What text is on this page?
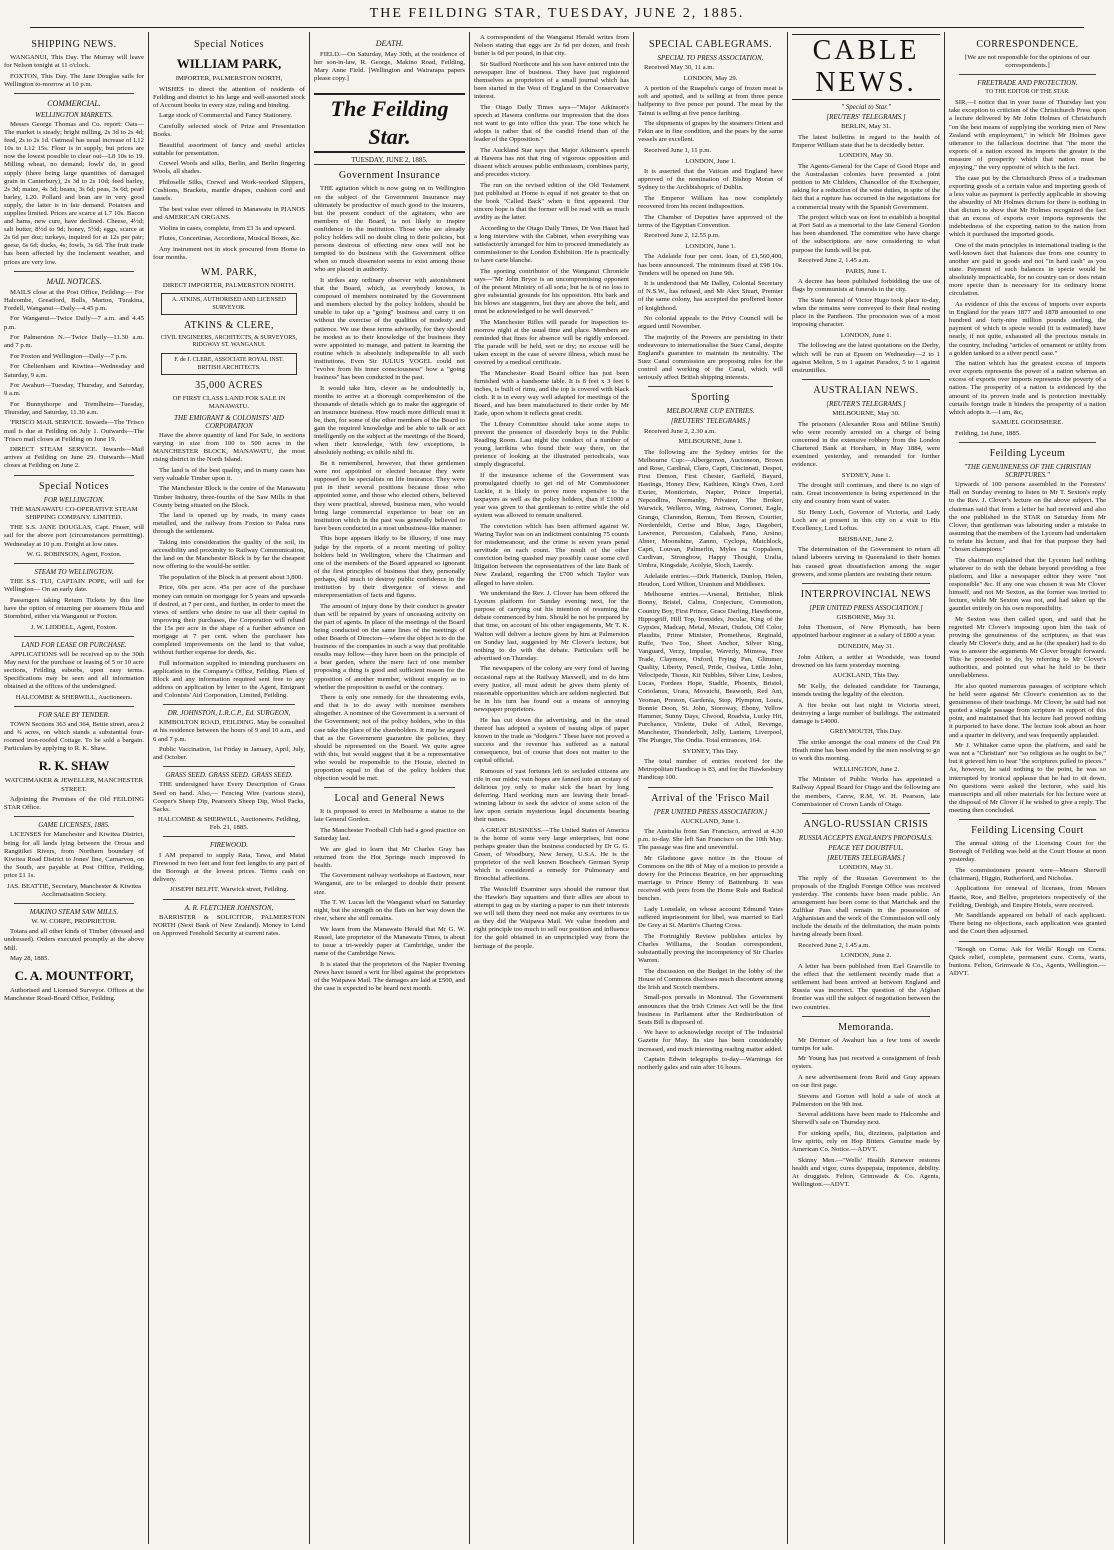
THE FEILDING STAR, TUESDAY, JUNE 2, 1885.
SHIPPING NEWS.

WANGANUI, This Day. The Murray will leave for Nelson tonight at 11 o'clock.

FOXTON, This Day. The Jane Douglas sails for Wellington to-morrow at 10 p.m.

COMMERCIAL.
WELLINGTON MARKETS.

Messrs George Thomas and Co. report: Oats—The market is steady; bright milling, 2s 3d to 2s 4d; feed, 2s to 2s 1d. Oatmeal has usual increase of L12 10s to L12 15s. Flour is in supply, but prices are now the lowest possible to clear out—L8 10s to 19. Milling wheat, no demand; fowls' do, in good supply (there being large quantities of damaged grain in Canterbury), 2s 3d to 2s 10d; feed barley, 2s 3d; maize, 4s 3d; beans, 3s 6d; peas, 3s 6d; pearl barley, L20. Pollard and bran are in very good supply, the latter is in fair demand. Potatoes and supplies limited. Prices are scarce at L7 10s. Bacon and hams, new cure, have declined. Cheese, 4½d; salt butter, 8½d to 9d; honey, 5½d; eggs, scarce at 2s 6d per doz; turkeys, inquired for at 12s per pair; geese, 6s 6d; ducks, 4s; fowls, 3s 6d. The fruit trade has been affected by the inclement weather, and prices are very low.

MAIL NOTICES.

MAILS close at the Post Office, Feilding:— For Halcombe, Greatford, Bulls, Marton, Turakina, Fordell, Wanganui—Daily—4.45 p.m.

For Wanganui—Twice Daily—7 a.m. and 4.45 p.m.

For Palmerston N.—Twice Daily—11.30 a.m. and 7 p.m.

For Foxton and Wellington—Daily—7 p.m.

For Cheltenham and Kiwitea—Wednesday and Saturday, 9 a.m.

For Awahuri—Tuesday, Thursday, and Saturday, 9 a.m.

For Bunnythorpe and Tremlheim—Tuesday, Thursday, and Saturday, 11.30 a.m.

'FRISCO MAIL SERVICE. Inwards—The 'Frisco mail is due at Feilding on July 1. Outwards—The 'Frisco mail closes at Feilding on June 19.

DIRECT STEAM SERVICE. Inwards—Mail arrives at Feilding on June 29. Outwards—Mail closes at Feilding on June 2.

Special Notices
FOR WELLINGTON.

THE MANAWATU CO-OPERATIVE STEAM SHIPPING COMPANY. LIMITED.

THE S.S. JANE DOUGLAS, Capt. Fraser, will sail for the above port (circumstances permitting). Wednesday at 10 p.m. Freight at low rates.

W. G. ROBINSON, Agent, Foxton.

STEAM TO WELLINGTON.

THE S.S. TUI, CAPTAIN POPE, will sail for Wellington— On an early date.

Passengers taking Return Tickets by this line have the option of returning per steamers Huia and Stormbird, either via Wanganui or Foxton.

J. W. LIDDELL, Agent, Foxton.

LAND FOR LEASE OR PURCHASE.

APPLICATIONS will be received up to the 30th May next for the purchase or leasing of 5 or 10 acre sections, Feilding suburbs, upon easy terms. Specifications may be seen and all information obtained at the offices of the undersigned.

HALCOMBE & SHERWILL, Auctioneers.

FOR SALE BY TENDER.

TOWN Sections 363 and 364, Bettie street, area 2 and ¾ acres, on which stands a substantial four-roomed iron-roofed Cottage. To be sold a bargain. Particulars by applying to R. K. Shaw.

R. K. SHAW

WATCHMAKER & JEWELLER, MANCHESTER STREET.

Adjoining the Premises of the Old FEILDING STAR Office.

GAME LICENSES, 1885.

LICENSES for Manchester and Kiwitea District, being for all lands lying between the Oroua and Rangitikei Rivers, from Northern boundary of Kiwitea Road District to Jones' line, Carnarvon, on the South, are payable at Post Office, Feilding, price £1 1s.

JAS. BEATTIE, Secretary, Manchester & Kiwitea Acclimatisation Society.

MAKINO STEAM SAW MILLS.

W. W. CORPE, PROPRIETOR.

Totara and all other kinds of Timber (dressed and undressed). Orders executed promptly at the above Mill.

May 28, 1885.

C. A. MOUNTFORT,

Authorised and Licensed Surveyor. Offices at the Manchester Road-Board Office, Feilding.

Special Notices
WILLIAM PARK,

IMPORTER, PALMERSTON NORTH,

WISHES to direct the attention of residents of Feilding and district to his large and well-assorted stock of Account books in every size, ruling and binding.

Large stock of Commercial and Fancy Stationery.

Carefully selected stock of Prize and Presentation Books.

Beautiful assortment of fancy and useful articles suitable for presentation.

Crewel Wools and silks, Berlin, and Berlin fingering Wools, all shades.

Philoselle Silks, Crewel and Work-worked Slippers, Cushions, Brackets, mantle drapes, cushion cord and tassels.

The best value ever offered in Manawatu in PIANOS and AMERICAN ORGANS.

Violins in cases, complete, from £3 3s and upward.

Flutes, Concertinas, Accordions, Musical Boxes, &c.

Any instrument not in stock procured from Home in four months.

WM. PARK,

DIRECT IMPORTER, PALMERSTON NORTH.

A. ATKINS, AUTHORISED AND LICENSED SURVEYOR.
ATKINS & CLERE,

CIVIL ENGINEERS, ARCHITECTS, & SURVEYORS, RIDGWAY ST. WANGANUI.

F. de J. CLERE, ASSOCIATE ROYAL INST. BRITISH ARCHITECTS.
35,000 ACRES

OF FIRST CLASS LAND FOR SALE IN MANAWATU.

THE EMIGRANT & COLONISTS' AID CORPORATION

Have the above quantity of land For Sale, in sections varying in size from 100 to 500 acres in the MANCHESTER BLOCK, MANAWATU, the most rising district in the North Island.

The land is of the best quality, and in many cases has very valuable Timber upon it.

The Manchester Block is the centre of the Manawatu Timber Industry, three-fourths of the Saw Mills in that County being situated on the Block.

The land is opened up by roads, in many cases metalled, and the railway from Foxton to Palea runs through the settlement.

Taking into consideration the quality of the soil, its accessibility and proximity to Railway Communication, the land on the Manchester Block is by far the cheapest now offering to the would-be settler.

The population of the Block is at present about 3,800.

Price, 60s per acre. 45s per acre of the purchase money can remain on mortgage for 5 years and upwards if desired, at 7 per cent., and further, in order to meet the views of settlers who desire to use all their capital in improving their purchases, the Corporation will refund the 15s per acre in the shape of a further advance on mortgage at 7 per cent. when the purchaser has completed improvements on the land to that value, without further expense for deeds, &c.

Full information supplied to intending purchasers on application to the Company's Office, Feilding. Plans of Block and any information required sent free to any address on application by letter to the Agent, Emigrant and Colonists' Aid Corporation, Limited, Feilding.

DR. JOHNSTON, L.R.C.P., Ed. SURGEON,

KIMBOLTON ROAD, FEILDING. May be consulted at his residence between the hours of 9 and 10 a.m., and 6 and 7 p.m.

Public Vaccination, 1st Friday in January, April, July, and October.

GRASS SEED. GRASS SEED. GRASS SEED.

THE undersigned have Every Description of Grass Seed on hand. Also,— Fencing Wire (various sizes), Cooper's Sheep Dip, Pearson's Sheep Dip, Wool Packs, Sacks.

HALCOMBE & SHERWILL, Auctioneers. Feilding, Feb. 21, 1885.

FIREWOOD.

I AM prepared to supply Rata, Tawa, and Matai Firewood in two feet and four feet lengths to any part of the Borough at the lowest prices. Terms cash on delivery.

JOSEPH BELFIT. Warwick street, Feilding.

A. R. FLETCHER JOHNSTON,

BARRISTER & SOLICITOR, PALMERSTON NORTH (Next Bank of New Zealand). Money to Lend on Approved Freehold Security at current rates.

DEATH.

FIELD.—On Saturday, May 30th, at the residence of her son-in-law, R. George, Makino Road, Feilding, Mary Anne Field. [Wellington and Wairarapa papers please copy.]

The Feilding Star.
TUESDAY, JUNE 2, 1885.
Government Insurance

THE agitation which is now going on in Wellington on the subject of the Government Insurance may ultimately be productive of much good to the insurers, but the present conduct of the agitators, who are members of the Board, is not likely to inspire confidence in the institution. Those who are already policy holders will no doubt cling to their policies, but persons desirous of effecting new ones will not be tempted to do business with the Government office when so much dissension seems to exist among those who are placed in authority.

It strikes any ordinary observer with astonishment that the Board, which, as everybody knows, is composed of members nominated by the Government and members elected by the policy holders, should be unable to take up a "going" business and carry it on without the exercise of the qualities of modesty and patience. We use these terms advisedly, for they should be modest as to their knowledge of the business they were appointed to manage, and patient in learning the routine which is absolutely indispensible in all such institutions. Even Sir JULIUS VOGEL could not "evolve from his inner consciousness" how a "going business" has been conducted in the past.

It would take him, clever as he undoubtedly is, months to arrive at a thorough comprehension of the thousands of details which go to make the aggregate of an insurance business. How much more difficult must it be, then, for some of the other members of the Board to gain the required knowledge and be able to talk or act intelligently on the subject at the meetings of the Board, when their knowledge, with few exceptions, is absolutely nothing; ex nihilo nihil fit.

Be it remembered, however, that these gentlemen were not appointed or elected because they were supposed to be specialists on life insurance. They were put in their several positions because those who appointed some, and those who elected others, believed they were practical, shrewd, business men, who would bring large commercial experience to bear on an institution which in the past was generally believed to have been conducted in a most unbusiness-like manner.

This hope appears likely to be illusory, if one may judge by the reports of a recent meeting of policy holders held in Wellington, where the Chairman and one of the members of the Board appeared so ignorant of the first principles of business that they, personally perhaps, did much to destroy public confidence in the institution by their divergence of views and misrepresentation of facts and figures.

The amount of injury done by their conduct is greater than will be repaired by years of unceasing activity on the part of agents. In place of the meetings of the Board being conducted on the same lines of the meetings of other Boards of Directors—where the object is to do the business of the companies in such a way that profitable results may follow—they have been on the principle of a bear garden, where the mere fact of one member proposing a thing is good and sufficient reason for the opposition of another member, without enquiry as to whether the proposition is useful or the contrary.

There is only one remedy for the threatening evils, and that is to do away with nominee members altogether. A nominee of the Government is a servant of the Government; not of the policy holders, who in this case take the place of the shareholders. It may be argued that as the Government guarantee the policies, they should be represented on the Board. We quite agree with this, but would suggest that it be a representative who would be responsible to the House, elected in proportion equal to that of the policy holders that objection would be met.

Local and General News

It is proposed to erect in Melbourne a statue to the late General Gordon.

The Manchester Football Club had a good practice on Saturday last.

We are glad to learn that Mr Charles Gray has returned from the Hot Springs much improved fn health.

The Government railway workshops at Eastown, near Wanganui, are to be enlarged to double their present size.

The T. W. Lucas left the Wanganui wharf on Saturday night, but the strength on the flats on her way down the river, where she still remains.

We learn from the Manawatu Herald that Mr G. W. Russel, late proprietor of the Manawatu Times, is about to issue a tri-weekly paper at Cambridge, under the name of the Cambridge News.

It is stated that the proprietors of the Napier Evening News have issued a writ for libel against the proprietors of the Waipawa Mail. The damages are laid at £500, and the case is expected to be heard next month.

A correspondent of the Wanganui Herald writes from Nelson stating that eggs are 2s 6d per dozen, and fresh butter is 6d per pound, in that city.

Sir Stafford Northcote and his son have entered into the newspaper line of business. They have just registered themselves as proprietors of a small journal which has been started in the West of England in the Conservative interest.

The Otago Daily Times says—"Major Atkinson's speech at Hawera confirms our impression that the does not want to go into office this year. The tone which he adopts is rather that of the candid friend than of the leader of the Opposition."

The Auckland Star says that Major Atkinson's speech at Hawera has not that ring of vigorous opposition and dissent which arouses public enthusiasm, combines party, and precedes victory.

The run on the revised edition of the Old Testament just published at Home is equal if not greater to that on the book "Called Back" when it first appeared. Our sincere hope is that the former will be read with as much avidity as the latter.

According to the Otago Daily Times, Dr Von Haast had a long interview with the Cabinet, when everything was satisfactorily arranged for him to proceed immediately as commissioner to the London Exhibition. He is practically to have carte blanche.

The sporting contributor of the Wanganui Chronicle says—"Mr John Bryce is an uncompromising opponent of the present Ministry of all sorts; but he is of no loss to give substantial grounds for his opposition. His bark and his blows are staggerers, but they are above the belt, and must be acknowledged to be well deserved."

The Manchester Rifles will parade for inspection to-morrow night at the usual time and place. Members are reminded that fines for absence will be rigidly enforced. The parade will be held, wet or dry; no excuse will be taken except in the case of severe illness, which must be covered by a medical certificate.

The Manchester Road Board office has just been furnished with a handsome table. It is 8 feet x 3 feet 6 inches, is built of rimu, and the top is covered with black cloth. It is in every way well adapted for meetings of the Board, and has been manufactured to their order by Mr Eade, upon whom it reflects great credit.

The Library Committee should take some steps to prevent the presence of disorderly boys in the Public Reading Room. Last night the conduct of a number of young larrikins who found their way there, on the pretence of looking at the illustrated periodicals, was simply disgraceful.

If the insurance scheme of the Government was promulgated chiefly to get rid of Mr Commissioner Luckie, it is likely to prove more expensive to the taxpayers as well as the policy holders, than if £1000 a year was given to that gentleman to retire while the old system was allowed to remain unaltered.

The conviction which has been affirmed against W. Waring Taylor was on an indictment containing 75 counts for misdemeanour, and the crime is seven years penal servitude on each count. The result of the other conviction being quashed may possibly cause some civil litigation between the representatives of the late Bank of New Zealand, regarding the £700 which Taylor was alleged to have stolen.

We understand the Rev. J. Clover has been offered the Lyceum platform for Sunday evening next, for the purpose of carrying out his intention of resuming the debate commenced by him. Should he not be prepared by that time, on account of his other engagements, Mr T. K. Walton will deliver a lecture given by him at Palmerston on Sunday last, suggested by Mr Clover's lecture, but nothing to do with the debate. Particulars will be advertised on Thursday.

The newspapers of the colony are very fond of having occasional raps at the Railway Maxwell, and to do him every justice, all must admit he gives them plenty of reasonable opportunities which are seldom neglected. But he in his turn has found out a means of annoying newspaper proprietors.

He has cut down the advertising, and in the stead thereof has adopted a system of issuing slips of paper known in the trade as "dodgers." These have not proved a success and the revenue has suffered as a natural consequence, but of course that does not matter to the capital official.

Rumours of vast fortunes left to secluded citizens are rife in our midst; vain hopes are fanned into an ecstasy of delirious joy only to make sick the heart by long deferring. Hard working men are leaving their bread-winning labour to seek the advice of some scion of the law upon certain mysterious legal documents bearing their names.

A GREAT BUSINESS.—The United States of America is the home of some very large enterprises, but none perhaps greater than the business conducted by Dr G. G. Green, of Woodbury, New Jersey, U.S.A. He is the proprietor of the well known Boschee's German Syrup which is considered a remedy for Pulmonary and Bronchial affections.

The Westcliff Examiner says should the rumour that the Hawke's Bay squatters and their allies are about to attempt to gag us by starting a paper to run their interests we will tell them they need not make any overtures to us as they did the Waipawa Mail. We value freedom and right principle too much to sell our position and influence for the gold obtained in an unprincipled way from the heritage of the people.

SPECIAL CABLEGRAMS.
SPECIAL TO PRESS ASSOCIATION.

Received May 30, 11 a.m.

LONDON, May 29.

A portion of the Ruapehu's cargo of frozen meat is soft and spotted, and is selling at from three pence halfpenny to five pence per pound. The meat by the Tainui is selling at five pence farthing.

The shipments of grapes by the steamers Orient and Fekin are in fine condition, and the pears by the same vessels are excellent.

Received June 1, 11 p.m.

LONDON, June 1.

It is asserted that the Vatican and England have approved of the nomination of Bishop Moran of Sydney to the Archbishopric of Dublin.

The Emperor William has now completely recovered from his recent indisposition.

The Chamber of Deputies have approved of the terms of the Egyptian Convention.

Received June 2, 12.55 p.m.

LONDON, June 1.

The Adelaide four per cent. loan, of £1,560,400, has been announced. The minimum fixed at £98 10s. Tenders will be opened on June 9th.

It is understood that Mr Dalley, Colonial Secretary of N.S.W., has refused, and Mr Alex Stuart, Premier of the same colony, has accepted the proffered honor of knighthood.

No colonial appeals to the Privy Council will be argued until November.

The majority of the Powers are persisting in their endeavours to internationalise the Suez Canal, despite England's guarantee to maintain its neutrality. The Suez Canal commission are proposing rules for the control and working of the Canal, which will seriously affect British shipping interests.

Sporting
MELBOURNE CUP ENTRIES.
[REUTERS' TELEGRAMS.]

Received June 2, 2.30 a.m.

MELBOURNE, June 1.

The following are the Sydney entries for the Melbourne Cup:—Albergernon, Auctoneon, Brown and Rose, Cardinal, Claro, Capri, Cincinnati, Despot, First Demon, First Chester, Garfield, Bayard, Hastings, Honey Dew, Kathleen, King's Own, Lord Exeter, Monticristo, Napier, Prince Imperial, Nepcodlins, Normanby, Privateer, The Broker, Warwick, Wellerco, Wing, Astroea, Coronet, Eagle, Grango, Clarendon, Remus, Tom Brown, Courtier, Nordenfeldt, Cerise and Blue, Jago, Dagobert, Lawrence, Percussion, Calabash, Fano, Arsino, Abner, Moonshine, Zanno, Cyclops, Matchlock, Capri, Louvan, Palmerlin, Myles na Coppaleen, Cardivan, Strongbow, Happy Thought, Uralia, Umbra, Kingsdale, Acolyte, Sloch, Laerdy.

Adelaide entries.—Dirk Hatterick, Dunlop, Helen, Heudon, Lord Wilton, Uranium and Middlesex.

Melbourne entries.—Arsenal, Britisher, Blink Bonny, Bristel, Calms, Conjecture, Commotion, Country Boy, First Prince, Grace Darling, Hawthorne, Hippogriff, Hill Top, Ironsides, Jocular, King of the Gypsies, Madcap, Metal, Mozart, Oudois, Off Color, Plaudits, Prime Minister, Prometheus, Reginald, Ruffe, Two Too, Sheet Anchor, Silver King, Vanguard, Verzy, Impulse, Waverly, Mimosa, Free Trade, Claymore, Oxford, Frying Pan, Glimmer, Quality, Liberty, Pencil, Pride, Osslwa, Little John, Velocipede, Tissue, Kit Nubbles, Silver Line, Lesbos, Lucas, Fordees Hope, Stadtle, Phoenix, Bristol, Coriolanus, Urara, Movatchi, Beaworth, Red Ant, Yeoman, Preston, Gardenia, Stop, Plympton, Louis, Bonnie Doon, St. John, Storoway, Ebony, Yellow Hammer, Sunny Days, Clwood, Roadvia, Lucky Hit, Purchance, Violette, Duke of Athol, Revenge, Manchester, Thunderbolt, Jolly, Lantern, Liverpool, The Plunger, The Ondia. Total entrances, 164.

SYDNEY, This Day.

The total number of entries received for the Metropolitan Handicap is 83, and for the Hawkesbury Handicap 100.

Arrival of the 'Frisco Mail
[PER UNITED PRESS ASSOCIATION.]

AUCKLAND, June 1.

The Australia from San Francisco, arrived at 4.30 p.m. to-day. She left San Francisco on the 10th May. The passage was fine and uneventful.

Mr Gladstone gave notice in the House of Commons on the 8th of May of a motion to provide a dowry for the Princess Beatrice, on her approaching marriage to Prince Henry of Battenburg. It was received with jeers from the Home Rule and Radical benches.

Lady Lonsdale, on whose account Edmund Yates suffered imprisonment for libel, was married to Earl De Grey at St. Martin's Charing Cross.

The Fortnightly Review publishes articles by Charles Williams, the Soudan correspondent, substantially proving the incompetency of Sir Charles Warren.

The discussion on the Budget in the lobby of the House of Commons discloses much discontent among the Irish and Scotch members.

Small-pox prevails in Montreal. The Government announces that the Irish Crimes Act will be the first business in Parliament after the Redistribution of Seats Bill is disposed of.

We have to acknowledge receipt of The Industrial Gazette for May. Its size has been considerably increased, and much interesting reading matter added.

Captain Edwin telegraphs to-day—Warnings for northerly gales and rain after 16 hours.

CABLE NEWS.
" Special to Star."
[REUTERS' TELEGRAMS.]

BERLIN, May 31.

The latest bulletins in regard to the health of Emperor William state that he is decidedly better.

LONDON, May 30.

The Agents-General for the Cape of Good Hope and the Australasian colonies have presented a joint petition to Mr Childers, Chancellor of the Exchequer, asking for a reduction of the wine duties, in spite of the fact that a rupture has occurred in the negotiations for a commercial treaty with the Spanish Government.

The project which was on foot to establish a hospital at Port Said as a memorial to the late General Gordon has been abandoned. The committee who have charge of the subscriptions are now considering to what purpose the funds will be put.

Received June 2, 1.45 a.m.

PARIS, June 1.

A decree has been published forbidding the use of flags by communists at funerals in the city.

The State funeral of Victor Hugo took place to-day, when the remains were conveyed to their final resting place in the Pantheon. The procession was of a most imposing character.

LONDON, June 1.

The following are the latest quotations on the Derby, which will be run at Epsom on Wednesday—2 to 1 against Melton, 5 to 1 against Paradox, 5 to 1 against ensiruntifles.

AUSTRALIAN NEWS.
[REUTER'S TELEGRAMS.]

MELBOURNE, May 30.

The prisoners (Alexander Ross and Miline Smith) who were recently arrested on a charge of being concerned in the extensive robbery from the London Chartered Bank at Horsham, in May 1884, were examined yesterday, and remanded for further evidence.

SYDNEY, June 1.

The drought still continues, and there is no sign of rain. Great inconvenience is being experienced in the city and country from want of water.

Sir Henry Loch, Governor of Victoria, and Lady Loch are at present in this city on a visit to His Excellency, Lord Loftus.

BRISBANE, June 2.

The determination of the Government to return all island laborers serving in Queensland to their homes has caused great dissatisfaction among the sugar growers, and some planters are resisting their return.

INTERPROVINCIAL NEWS
[PER UNITED PRESS ASSOCIATION.]

GISBORNE, May 31.

John Thomson, of New Plymouth, has been appointed harbour engineer at a salary of £800 a year.

DUNEDIN, May 31.

John Aitken, a settler at Woodside, was found drowned on his farm yesterday morning.

AUCKLAND, This Day.

Mr Kelly, the defeated candidate for Tauranga, intends testing the legality of the election.

A fire broke out last night in Victoria street, destroying a large number of buildings. The estimated damage is £4000.

GREYMOUTH, This Day.

The strike amongst the coal miners of the Coal Pit Heath mine has been ended by the men resolving to go to work this morning.

WELLINGTON, June 2.

The Minister of Public Works has appointed a Railway Appeal Board for Otago and the following are the members, Carew, R.M, W. H. Pearson, late Commissioner of Crown Lands of Otago.

ANGLO-RUSSIAN CRISIS
RUSSIA ACCEPTS ENGLAND'S PROPOSALS.
PEACE YET DOUBTFUL.
[REUTERS TELEGRAMS.]

LONDON, May 31.

The reply of the Russian Government to the proposals of the English Foreign Office was received yesterday. The contents have been made public. An arrangement has been come to that Marichak and the Zulfikar Pass shall remain in the possession of Afghanistan and the work of the Commission will only include the details of the delimitation, the main points having already been fixed.

Received June 2, 1.45 a.m.

LONDON, June 2.

A letter has been published from Earl Granville to the effect that the settlement recently made that a settlement had been arrived at between England and Russia was incorrect. The question of the Afghan frontier was still the subject of negotiation between the two countries.

Memoranda.

Mr Dermer of Awahuri has a few tons of swede turnips for sale.

Mr Young has just received a consignment of fresh oysters.

A new advertisement from Reid and Gray appears on our first page.

Stevens and Gorton will hold a sale of stock at Palmerston on the 9th inst.

Several additions have been made to Halcombe and Sherwill's sale on Thursday next.

For sinking spells, fits, dizziness, palpitation and low spirits, rely on Hop Bitters. Genuine made by American Co. Notice.—ADVT.

Skinny Men.—"Wells' Health Renewer restores health and vigor, cures dyspepsia, impotence, debility. At druggists. Felton, Grimwade & Co. Agents, Wellington.—ADVT.

CORRESPONDENCE.

[We are not responsible for the opinions of our correspondents.]

FREETRADE AND PROTECTION.

TO THE EDITOR OF THE STAR.

SIR,—I notice that in your issue of Thursday last you take exception to criticism of the Christchurch Press upon a lecture delivered by Mr John Holmes of Christchurch "on the best means of supplying the working men of New Zealand with employment," in which Mr Holmes gave utterance to the fallacious doctrine that "the more the exports of a nation exceed its imports the greater is the measure of prosperity which that nation must be enjoying," the very opposite of which is the fact.

The case put by the Christchurch Press of a tradesman exporting goods of a certain value and importing goods of a less value as payment is perfectly applicable in showing the absurdity of Mr Holmes dictum for there is nothing in that dictum to show that Mr Holmes recognized the fact that an excess of exports over imports represents the indebtedness of the exporting nation to the nation from which it purchased the imported goods.

One of the main principles in international trading is the well-known fact that balances due from one country to another are paid in goods and not "in hard cash" as you state. Payment of such balances in specie would be absolutely impracticable, for no country can or does retain more specie than is necessary for its ordinary home circulation.

As evidence of this the excess of imports over exports in England for the years 1877 and 1878 amounted to one hundred and forty-nine million pounds sterling, the payment of which in specie would (it is estimated) have nearly, if not quite, exhausted all the precious metals in the country, including "articles of ornament or utility from a golden tankard to a silver pencil case."

The nation which has the greatest excess of imports over exports represents the power of a nation whereas an excess of exports over imports represents the poverty of a nation. The prosperity of a nation is evidenced by the amount of its proven trade and is protection inevitably curtails foreign trade it hinders the prosperity of a nation which adopts it.—I am, &c,

SAMUEL GOODSHERE.

Feilding, 1st June, 1885.

Feilding Lyceum
"THE GENUINENESS OF THE CHRISTIAN SCRIPTURES."

Upwards of 100 persons assembled in the Foresters' Hall on Sunday evening to listen to Mr T. Sexton's reply to the Rev. J. Clover's lecture on the above subject. The chairman said that from a letter he had received and also the one published in the STAR on Saturday from Mr Clover, that gentleman was labouring under a mistake in assuming that the members of the Lyceum had undertaken to refute his lecture, and that for that purpose they had "chosen champions."

The chairman explained that the Lyceum had nothing whatever to do with the debate beyond providing a free platform, and like a newspaper editor they were "not responsible" &c. If any one was chosen it was Mr Clover himself, and not Mr Sexton, as the former was invited to lecture, while Mr Sexton was not, and had taken up the gauntlet entirely on his own responsibility.

Mr Sexton was then called upon, and said that he regretted Mr Clover's imposing upon him the task of proving the genuineness of the scriptures, as that was clearly Mr Clover's duty, and as he (the speaker) had to do was to answer the arguments Mr Clover brought forward. This he proceeded to do, by referring to Mr Clover's authorities, and pointed out what he held to be their unreliableness.

He also quoted numerous passages of scripture which he held were against Mr Clover's contention as to the genuineness of their teachings. Mr Clover, he said had not quoted a single passage from scripture in support of this point, and maintained that his lecture had proved nothing it purported to have done. The lecture took about an hour and a quarter in delivery, and was frequently applauded.

Mr J. Whitaker came upon the platform, and said he was not a "Christian" nor "so religious as he ought to be," but it grieved him to hear "the scriptures pulled to pieces." As, however, he said nothing to the point, he was so interrupted by ironical applause that he had to sit down. No questions were asked the lecturer, who said his manuscripts and all other materials for his lecture were at the disposal of Mr Clover if he wished to give a reply. The meeting then concluded.

Feilding Licensing Court

The annual sitting of the Licensing Court for the Borough of Feilding was held at the Court House at noon yesterday.

The commissioners present were—Messrs Sherwill (chairman), Higgin, Rutherford, and Nicholas.

Applications for renewal of licenses, from Messrs Hastie, Roe, and Bellve, proprietors respectively of the Feilding, Denbigh, and Empire Hotels, were received.

Mr Sandilands appeared on behalf of each applicant. There being no objections, each application was granted and the Court then adjourned.

"Rough on Corns. Ask for Wells' Rough on Corns. Quick relief, complete, permanent cure. Corns, warts, bunions. Felton, Grimwade & Co., Agents, Wellington.—ADVT.
